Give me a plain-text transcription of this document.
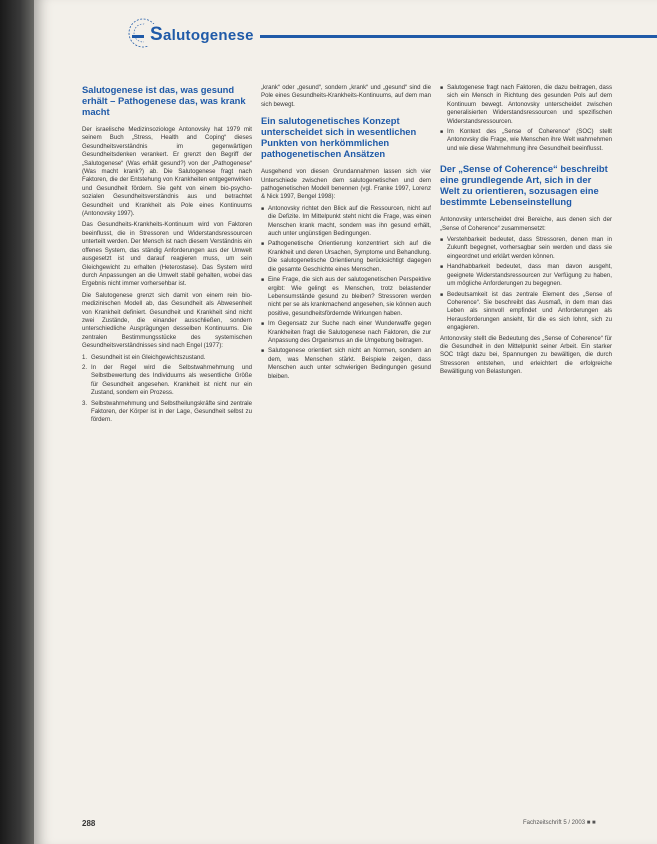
Salutogenese
Salutogenese ist das, was gesund erhält – Pathogenese das, was krank macht

Der israelische Medizinsoziologe Antonovsky hat 1979 mit seinem Buch „Stress, Health and Coping“ dieses Gesundheitsverständnis im gegenwärtigen Gesundheitsdenken verankert. Er grenzt den Begriff der „Salutogenese“ (Was erhält gesund?) von der „Pathogenese“ (Was macht krank?) ab. Die Salutogenese fragt nach Faktoren, die der Entstehung von Krankheiten entgegenwirken und Gesundheit fördern. Sie geht von einem bio-psycho-sozialen Gesundheitsverständnis aus und betrachtet Gesundheit und Krankheit als Pole eines Kontinuums (Antonovsky 1997).

Das Gesundheits-Krankheits-Kontinuum wird von Faktoren beeinflusst, die in Stressoren und Widerstandsressourcen unterteilt werden. Der Mensch ist nach diesem Verständnis ein offenes System, das ständig Anforderungen aus der Umwelt ausgesetzt ist und darauf reagieren muss, um sein Gleichgewicht zu erhalten (Heterostase). Das System wird durch Anpassungen an die Umwelt stabil gehalten, wobei das Ergebnis nicht immer vorhersehbar ist.

Die Salutogenese grenzt sich damit von einem rein bio-medizinischen Modell ab, das Gesundheit als Abwesenheit von Krankheit definiert. Gesundheit und Krankheit sind nicht zwei Zustände, die einander ausschließen, sondern unterschiedliche Ausprägungen desselben Kontinuums. Die zentralen Bestimmungsstücke des systemischen Gesundheitsverständnisses sind nach Engel (1977):

1. Gesundheit ist ein Gleichgewichtszustand.
2. In der Regel wird die Selbstwahrnehmung und Selbstbewertung des Individuums als wesentliche Größe für Gesundheit angesehen. Krankheit ist nicht nur ein Zustand, sondern ein Prozess.
3. Selbstwahrnehmung und Selbstheilungskräfte sind zentrale Faktoren, der Körper ist in der Lage, Gesundheit selbst zu fördern.

„krank“ oder „gesund“, sondern „krank“ und „gesund“ sind die Pole eines Gesundheits-Krankheits-Kontinuums, auf dem man sich bewegt.

Ein salutogenetisches Konzept unterscheidet sich in wesentlichen Punkten von herkömmlichen pathogenetischen Ansätzen

Ausgehend von diesen Grundannahmen lassen sich vier Unterschiede zwischen dem salutogenetischen und dem pathogenetischen Modell benennen (vgl. Franke 1997, Lorenz & Nick 1997, Bengel 1998):

■ Antonovsky richtet den Blick auf die Ressourcen, nicht auf die Defizite. Im Mittelpunkt steht nicht die Frage, was einen Menschen krank macht, sondern was ihn gesund erhält, auch unter ungünstigen Bedingungen.
■ Pathogenetische Orientierung konzentriert sich auf die Krankheit und deren Ursachen, Symptome und Behandlung. Die salutogenetische Orientierung berücksichtigt dagegen die gesamte Geschichte eines Menschen.
■ Eine Frage, die sich aus der salutogenetischen Perspektive ergibt: Wie gelingt es Menschen, trotz belastender Lebensumstände gesund zu bleiben? Stressoren werden nicht per se als krankmachend angesehen, sie können auch positive, gesundheitsfördernde Wirkungen haben.
■ Im Gegensatz zur Suche nach einer Wunderwaffe gegen Krankheiten fragt die Salutogenese nach Faktoren, die zur Anpassung des Organismus an die Umgebung beitragen.
■ Salutogenese orientiert sich nicht an Normen, sondern an dem, was Menschen stärkt. Beispiele zeigen, dass Menschen auch unter schwierigen Bedingungen gesund bleiben.
■ Salutogenese fragt nach Faktoren, die dazu beitragen, dass sich ein Mensch in Richtung des gesunden Pols auf dem Kontinuum bewegt. Antonovsky unterscheidet zwischen generalisierten Widerstandsressourcen und spezifischen Widerstandsressourcen.
■ Im Kontext des „Sense of Coherence“ (SOC) stellt Antonovsky die Frage, wie Menschen ihre Welt wahrnehmen und wie diese Wahrnehmung ihre Gesundheit beeinflusst.
Der „Sense of Coherence“ beschreibt eine grundlegende Art, sich in der Welt zu orientieren, sozusagen eine bestimmte Lebenseinstellung

Antonovsky unterscheidet drei Bereiche, aus denen sich der „Sense of Coherence“ zusammensetzt:

■ Verstehbarkeit bedeutet, dass Stressoren, denen man in Zukunft begegnet, vorhersagbar sein werden und dass sie eingeordnet und erklärt werden können.
■ Handhabbarkeit bedeutet, dass man davon ausgeht, geeignete Widerstandsressourcen zur Verfügung zu haben, um mögliche Anforderungen zu begegnen.
■ Bedeutsamkeit ist das zentrale Element des „Sense of Coherence“. Sie beschreibt das Ausmaß, in dem man das Leben als sinnvoll empfindet und Anforderungen als Herausforderungen ansieht, für die es sich lohnt, sich zu engagieren.

Antonovsky stellt die Bedeutung des „Sense of Coherence“ für die Gesundheit in den Mittelpunkt seiner Arbeit. Ein starker SOC trägt dazu bei, Spannungen zu bewältigen, die durch Stressoren entstehen, und erleichtert die erfolgreiche Bewältigung von Belastungen.

288	Fachzeitschrift 5 / 2003 ■ ■
